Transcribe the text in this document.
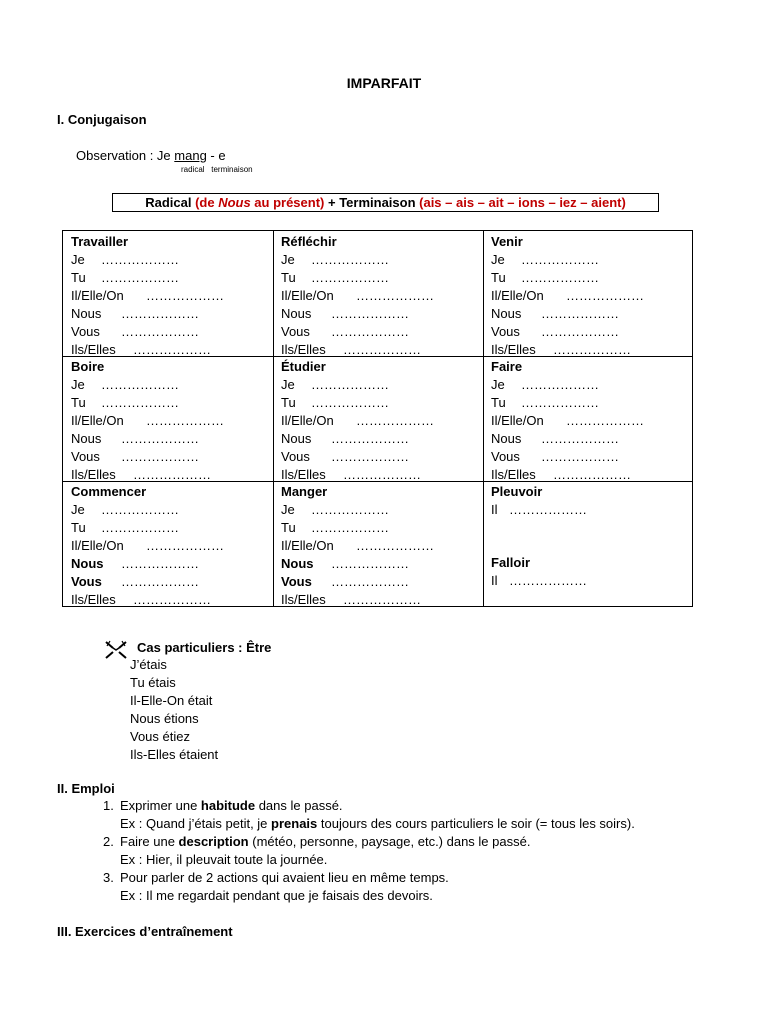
IMPARFAIT
I. Conjugaison
Observation : Je mang - e
radical   terminaison
Radical (de Nous au présent) + Terminaison (ais – ais – ait – ions – iez – aient)
Travailler
Je ………………
Tu ………………
Il/Elle/On ………………
Nous ………………
Vous ………………
Ils/Elles ………………
Réfléchir
Je ………………
Tu ………………
Il/Elle/On ………………
Nous ………………
Vous ………………
Ils/Elles ………………
Venir
Je ………………
Tu ………………
Il/Elle/On ………………
Nous ………………
Vous ………………
Ils/Elles ………………
Boire
Je ………………
Tu ………………
Il/Elle/On ………………
Nous ………………
Vous ………………
Ils/Elles ………………
Étudier
Je ………………
Tu ………………
Il/Elle/On ………………
Nous ………………
Vous ………………
Ils/Elles ………………
Faire
Je ………………
Tu ………………
Il/Elle/On ………………
Nous ………………
Vous ………………
Ils/Elles ………………
Commencer
Je ………………
Tu ………………
Il/Elle/On ………………
Nous ………………
Vous ………………
Ils/Elles ………………
Manger
Je ………………
Tu ………………
Il/Elle/On ………………
Nous ………………
Vous ………………
Ils/Elles ………………
Pleuvoir
Il ………………
Falloir
Il ………………
Cas particuliers : Être
J’étais
Tu étais
Il-Elle-On était
Nous étions
Vous étiez
Ils-Elles étaient
II. Emploi
1. Exprimer une habitude dans le passé.
Ex : Quand j’étais petit, je prenais toujours des cours particuliers le soir (= tous les soirs).
2. Faire une description (météo, personne, paysage, etc.) dans le passé.
Ex : Hier, il pleuvait toute la journée.
3. Pour parler de 2 actions qui avaient lieu en même temps.
Ex : Il me regardait pendant que je faisais des devoirs.
III. Exercices d’entraînement
